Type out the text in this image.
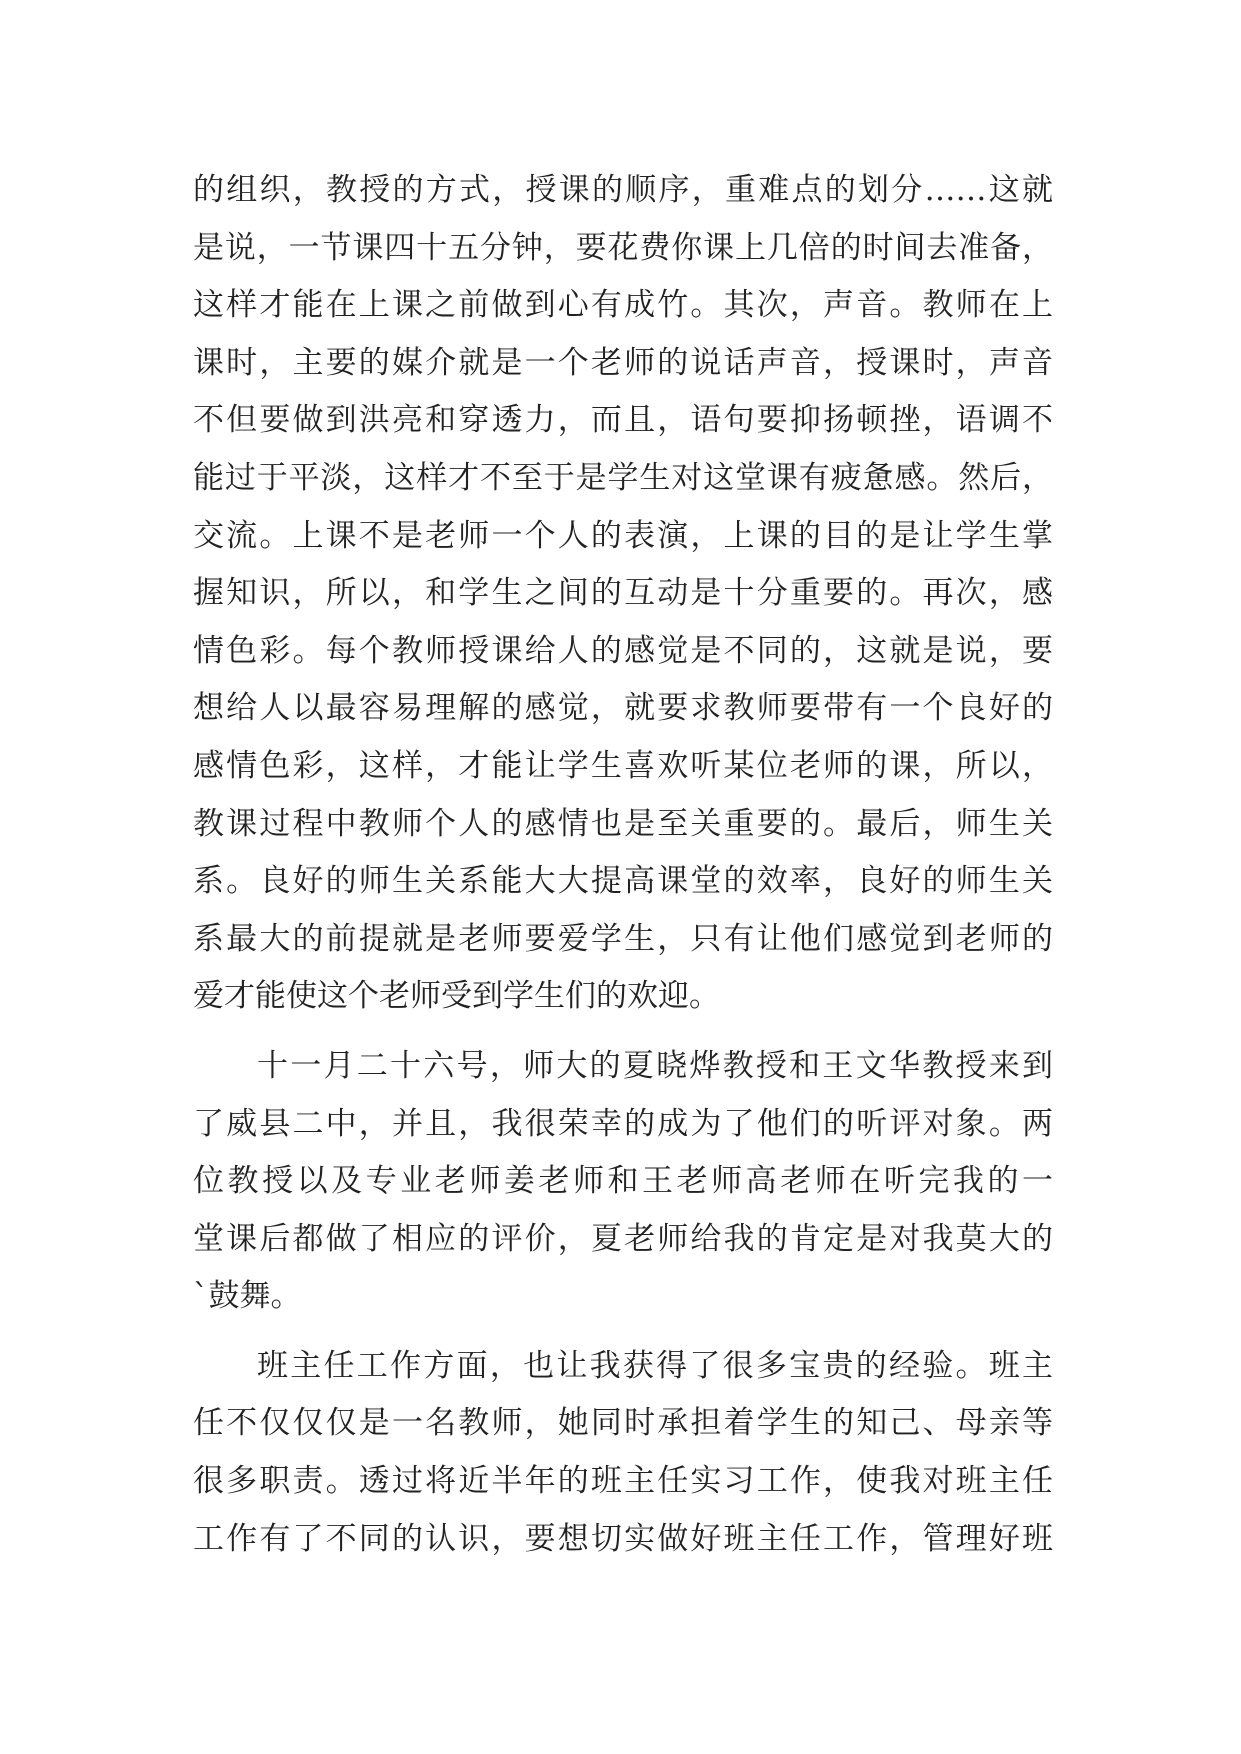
的组织，教授的方式，授课的顺序，重难点的划分……这就
是说，一节课四十五分钟，要花费你课上几倍的时间去准备，
这样才能在上课之前做到心有成竹。其次，声音。教师在上
课时，主要的媒介就是一个老师的说话声音，授课时，声音
不但要做到洪亮和穿透力，而且，语句要抑扬顿挫，语调不
能过于平淡，这样才不至于是学生对这堂课有疲惫感。然后，
交流。上课不是老师一个人的表演，上课的目的是让学生掌
握知识，所以，和学生之间的互动是十分重要的。再次，感
情色彩。每个教师授课给人的感觉是不同的，这就是说，要
想给人以最容易理解的感觉，就要求教师要带有一个良好的
感情色彩，这样，才能让学生喜欢听某位老师的课，所以，
教课过程中教师个人的感情也是至关重要的。最后，师生关
系。良好的师生关系能大大提高课堂的效率，良好的师生关
系最大的前提就是老师要爱学生，只有让他们感觉到老师的
爱才能使这个老师受到学生们的欢迎。
十一月二十六号，师大的夏晓烨教授和王文华教授来到
了威县二中，并且，我很荣幸的成为了他们的听评对象。两
位教授以及专业老师姜老师和王老师高老师在听完我的一
堂课后都做了相应的评价，夏老师给我的肯定是对我莫大的
`鼓舞。
班主任工作方面，也让我获得了很多宝贵的经验。班主
任不仅仅仅是一名教师，她同时承担着学生的知己、母亲等
很多职责。透过将近半年的班主任实习工作，使我对班主任
工作有了不同的认识，要想切实做好班主任工作，管理好班
